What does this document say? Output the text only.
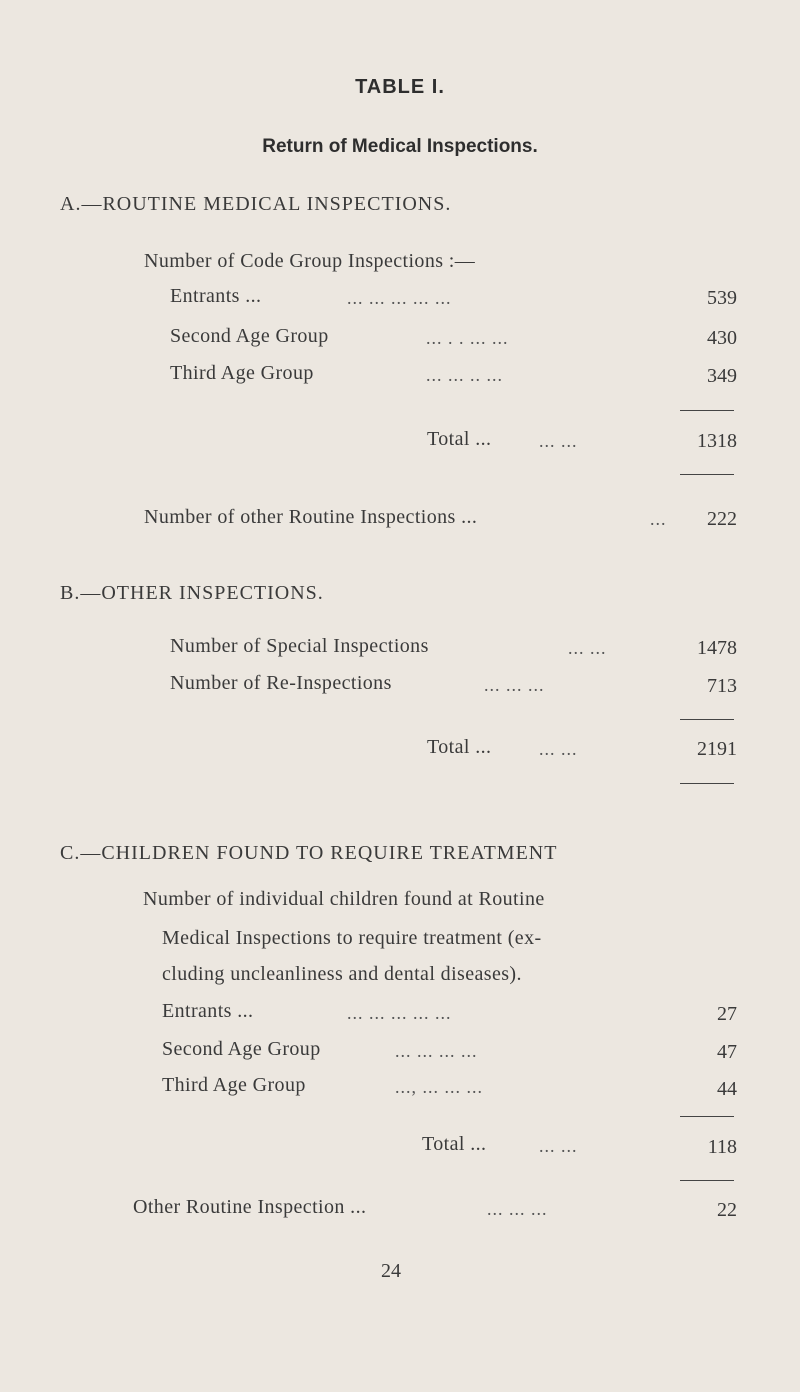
TABLE I.
Return of Medical Inspections.
A.—ROUTINE MEDICAL INSPECTIONS.
Number of Code Group Inspections :—
Entrants ...	... ... ... ... ...	539
Second Age Group	... . . ... ...	430
Third Age Group	... ... .. ...	349
Total ...	... ...	1318
Number of other Routine Inspections ...	...	222
B.—OTHER INSPECTIONS.
Number of Special Inspections	... ...	1478
Number of Re-Inspections	... ... ...	713
Total ...	... ...	2191
C.—CHILDREN FOUND TO REQUIRE TREATMENT
Number of individual children found at Routine
Medical Inspections to require treatment (ex-
cluding uncleanliness and dental diseases).
Entrants ...	... ... ... ... ...	27
Second Age Group	... ... ... ...	47
Third Age Group	..., ... ... ...	44
Total ...	... ...	118
Other Routine Inspection ...	... ... ...	22
24
